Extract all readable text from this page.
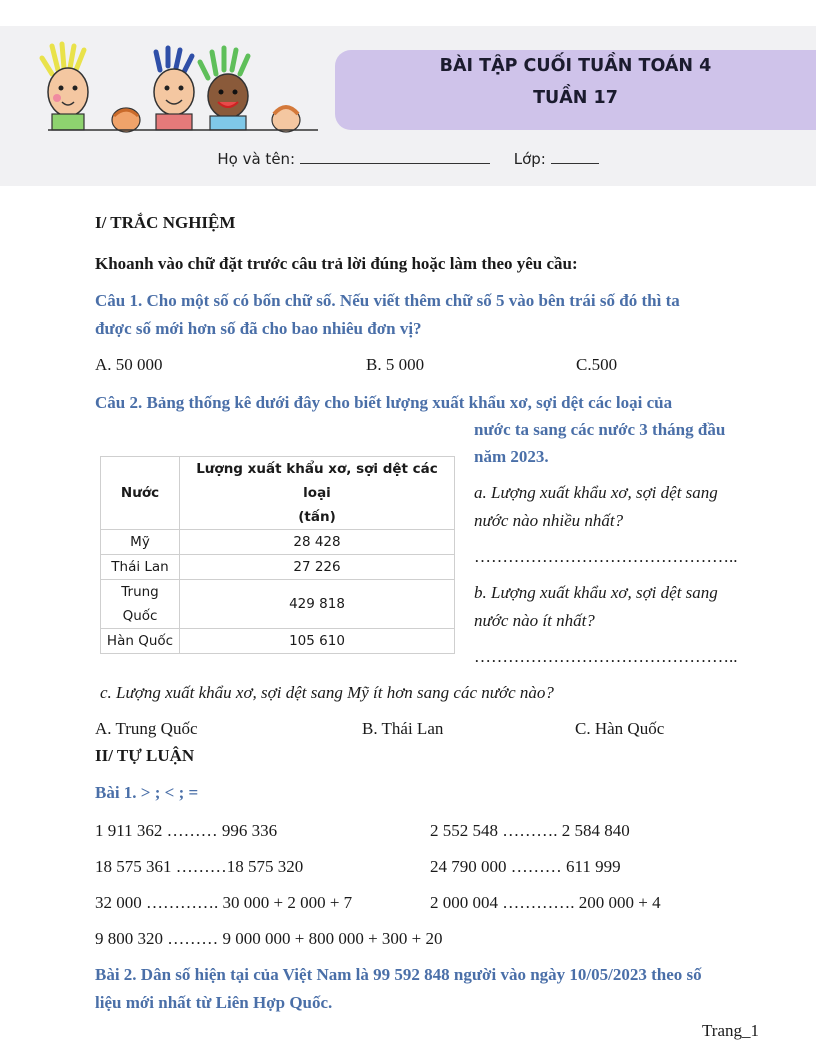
BÀI TẬP CUỐI TUẦN TOÁN 4
TUẦN 17
Họ và tên:	Lớp:
I/ TRẮC NGHIỆM
Khoanh vào chữ đặt trước câu trả lời đúng hoặc làm theo yêu cầu:
Câu 1. Cho một số có bốn chữ số. Nếu viết thêm chữ số 5 vào bên trái số đó thì ta
được số mới hơn số đã cho bao nhiêu đơn vị?
A. 50 000	B. 5 000	C.500
Câu 2. Bảng thống kê dưới đây cho biết lượng xuất khẩu xơ, sợi dệt các loại của
nước ta sang các nước 3 tháng đầu
năm 2023.
Nước	Lượng xuất khẩu xơ, sợi dệt các loại
(tấn)

Mỹ	28 428
Thái Lan	27 226

Trung
Quốc	429 818
Hàn Quốc	105 610
a. Lượng xuất khẩu xơ, sợi dệt sang
nước nào nhiều nhất?
………………………………………..
b. Lượng xuất khẩu xơ, sợi dệt sang
nước nào ít nhất?
………………………………………..
c. Lượng xuất khẩu xơ, sợi dệt sang Mỹ ít hơn sang các nước nào?
A. Trung Quốc	B. Thái Lan	C. Hàn Quốc
II/ TỰ LUẬN
Bài 1. > ; < ; =
1 911 362 ……… 996 336	2 552 548 ………. 2 584 840
18 575 361 ………18 575 320	24 790 000 ……… 611 999
32 000 …………. 30 000 + 2 000 + 7	2 000 004 …………. 200 000 + 4
9 800 320 ……… 9 000 000 + 800 000 + 300 + 20
Bài 2. Dân số hiện tại của Việt Nam là 99 592 848 người vào ngày 10/05/2023 theo số
liệu mới nhất từ Liên Hợp Quốc.
Trang_1
